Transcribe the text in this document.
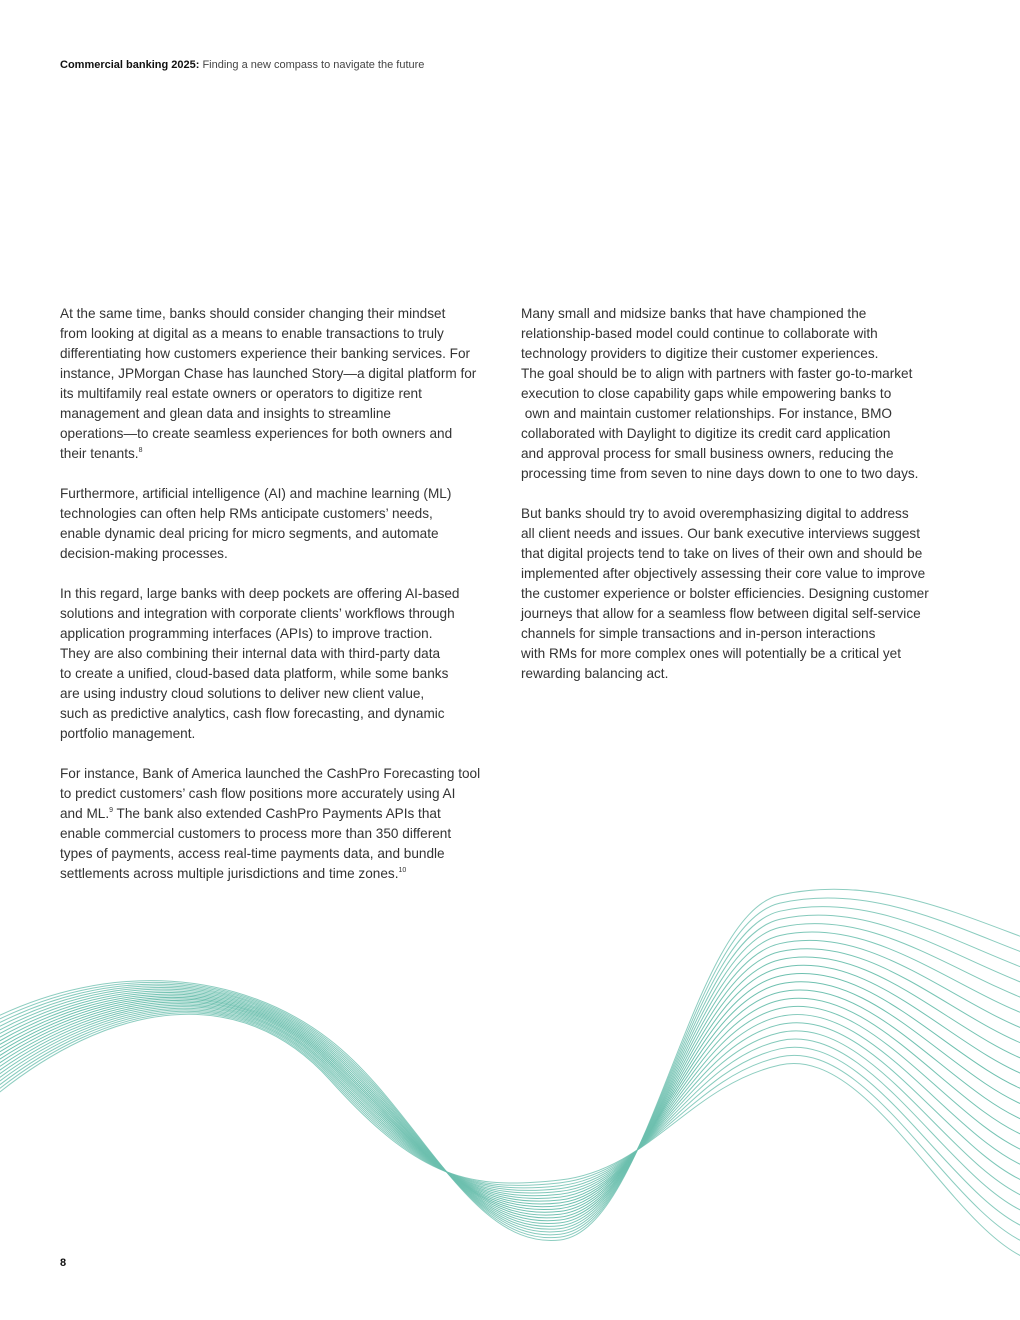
Commercial banking 2025: Finding a new compass to navigate the future

At the same time, banks should consider changing their mindset
from looking at digital as a means to enable transactions to truly
differentiating how customers experience their banking services. For
instance, JPMorgan Chase has launched Story—a digital platform for
its multifamily real estate owners or operators to digitize rent
management and glean data and insights to streamline
operations—to create seamless experiences for both owners and
their tenants.$^8$

Furthermore, artificial intelligence (AI) and machine learning (ML)
technologies can often help RMs anticipate customers’ needs,
enable dynamic deal pricing for micro segments, and automate
decision-making processes.

In this regard, large banks with deep pockets are offering AI-based
solutions and integration with corporate clients’ workflows through
application programming interfaces (APIs) to improve traction.
They are also combining their internal data with third-party data
to create a unified, cloud-based data platform, while some banks
are using industry cloud solutions to deliver new client value,
such as predictive analytics, cash flow forecasting, and dynamic
portfolio management.

For instance, Bank of America launched the CashPro Forecasting tool
to predict customers’ cash flow positions more accurately using AI
and ML.$^9$ The bank also extended CashPro Payments APIs that
enable commercial customers to process more than 350 different
types of payments, access real-time payments data, and bundle
settlements across multiple jurisdictions and time zones.$^{10}$

Many small and midsize banks that have championed the
relationship-based model could continue to collaborate with
technology providers to digitize their customer experiences.
The goal should be to align with partners with faster go-to-market
execution to close capability gaps while empowering banks to
own and maintain customer relationships. For instance, BMO
collaborated with Daylight to digitize its credit card application
and approval process for small business owners, reducing the
processing time from seven to nine days down to one to two days.

But banks should try to avoid overemphasizing digital to address
all client needs and issues. Our bank executive interviews suggest
that digital projects tend to take on lives of their own and should be
implemented after objectively assessing their core value to improve
the customer experience or bolster efficiencies. Designing customer
journeys that allow for a seamless flow between digital self-service
channels for simple transactions and in-person interactions
with RMs for more complex ones will potentially be a critical yet
rewarding balancing act.

8
